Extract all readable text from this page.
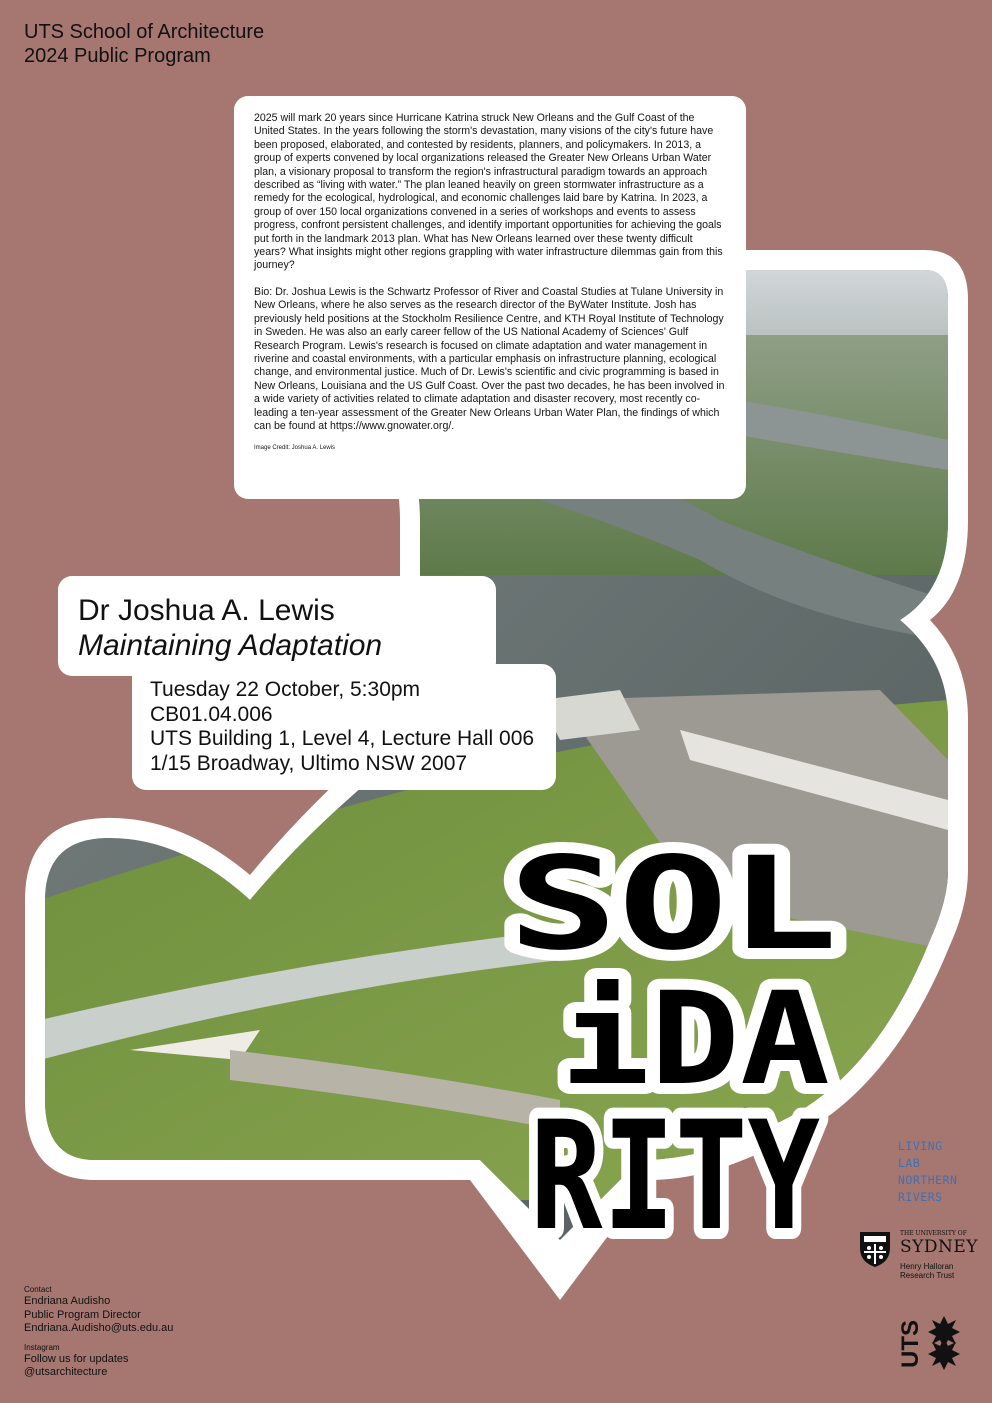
UTS School of Architecture
2024 Public Program

2025 will mark 20 years since Hurricane Katrina struck New Orleans and the Gulf Coast of the United States. In the years following the storm's devastation, many visions of the city's future have been proposed, elaborated, and contested by residents, planners, and policymakers. In 2013, a group of experts convened by local organizations released the Greater New Orleans Urban Water plan, a visionary proposal to transform the region's infrastructural paradigm towards an approach described as “living with water.” The plan leaned heavily on green stormwater infrastructure as a remedy for the ecological, hydrological, and economic challenges laid bare by Katrina. In 2023, a group of over 150 local organizations convened in a series of workshops and events to assess progress, confront persistent challenges, and identify important opportunities for achieving the goals put forth in the landmark 2013 plan. What has New Orleans learned over these twenty difficult years? What insights might other regions grappling with water infrastructure dilemmas gain from this journey?

Bio: Dr. Joshua Lewis is the Schwartz Professor of River and Coastal Studies at Tulane University in New Orleans, where he also serves as the research director of the ByWater Institute. Josh has previously held positions at the Stockholm Resilience Centre, and KTH Royal Institute of Technology in Sweden. He was also an early career fellow of the US National Academy of Sciences' Gulf Research Program. Lewis's research is focused on climate adaptation and water management in riverine and coastal environments, with a particular emphasis on infrastructure planning, ecological change, and environmental justice. Much of Dr. Lewis's scientific and civic programming is based in New Orleans, Louisiana and the US Gulf Coast. Over the past two decades, he has been involved in a wide variety of activities related to climate adaptation and disaster recovery, most recently co-leading a ten-year assessment of the Greater New Orleans Urban Water Plan, the findings of which can be found at https://www.gnowater.org/.

Image Credit: Joshua A. Lewis
Dr Joshua A. Lewis
Maintaining Adaptation
Tuesday 22 October, 5:30pm
CB01.04.006
UTS Building 1, Level 4, Lecture Hall 006
1/15 Broadway, Ultimo NSW 2007
SOL
iDA
RITY
Contact
Endriana Audisho
Public Program Director
Endriana.Audisho@uts.edu.au
Instagram
Follow us for updates
@utsarchitecture
LIVING
LAB
NORTHERN
RIVERS
THE UNIVERSITY OF
SYDNEY
Henry Halloran
Research Trust
UTS
